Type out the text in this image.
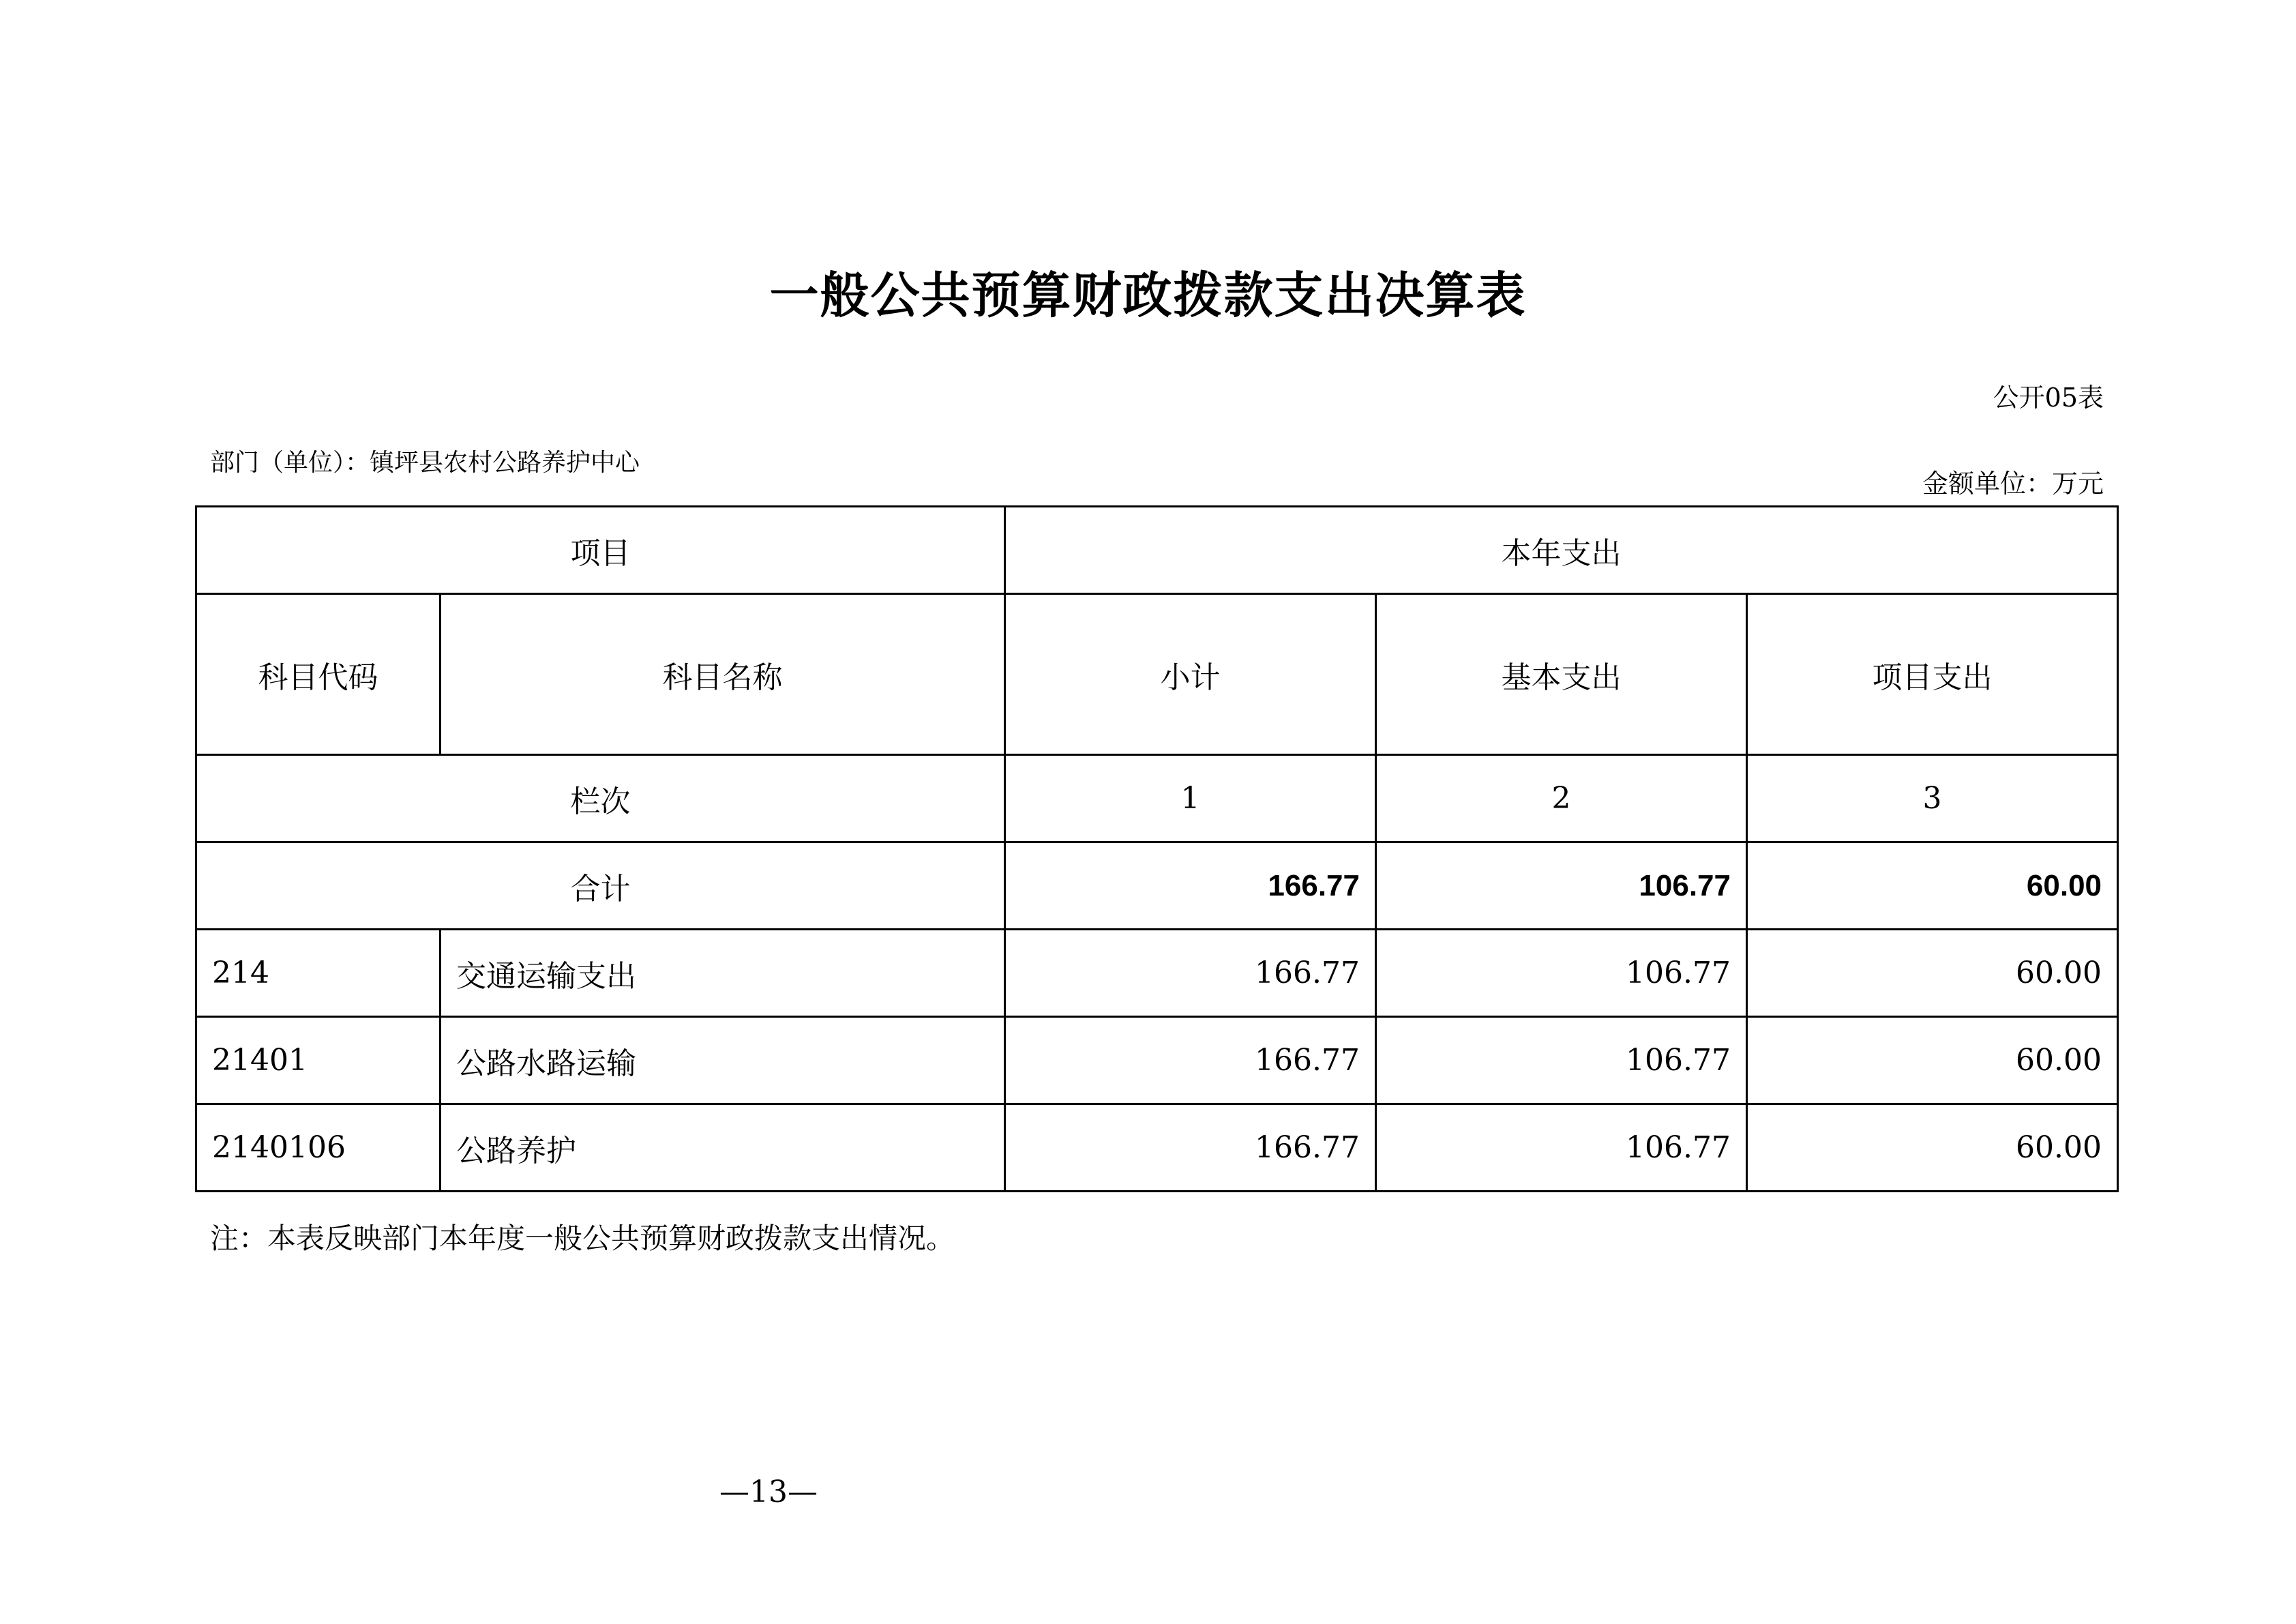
一般公共预算财政拨款支出决算表
公开05表
部门（单位）：镇坪县农村公路养护中心
金额单位：万元
项目		本年支出		
科目代码	科目名称	小计	基本支出	项目支出
栏次		1	2	3
合计		166.77	106.77	60.00
214	交通运输支出	166.77	106.77	60.00
21401	公路水路运输	166.77	106.77	60.00
2140106	公路养护	166.77	106.77	60.00
注：本表反映部门本年度一般公共预算财政拨款支出情况。
—13—
